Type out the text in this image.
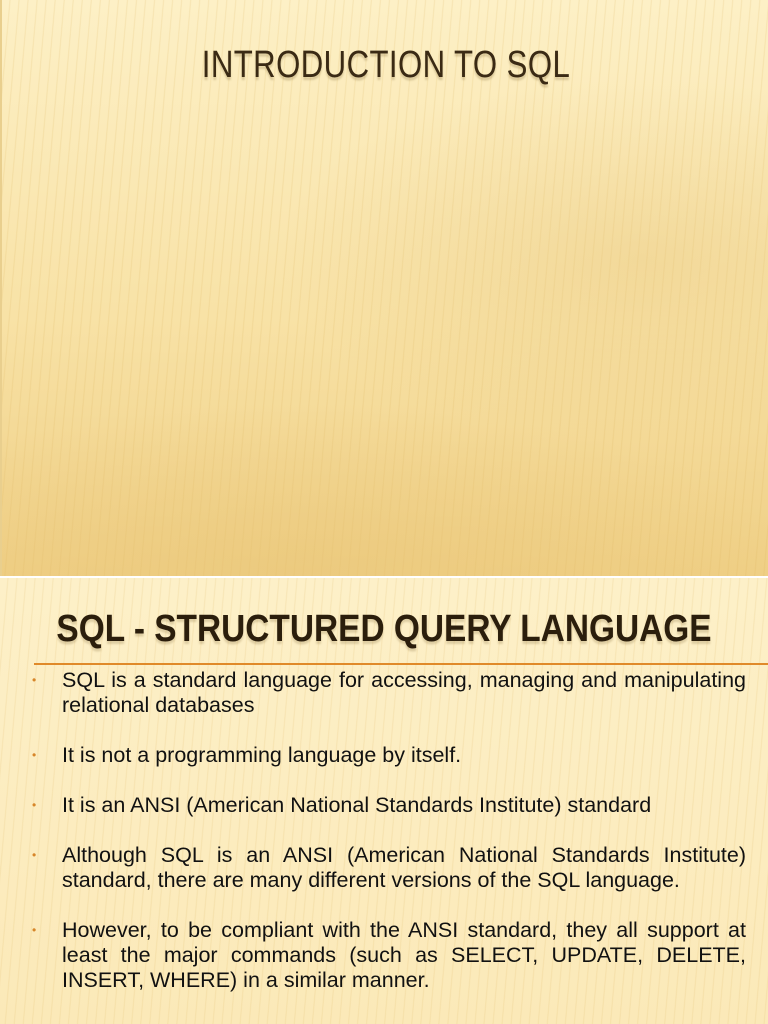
INTRODUCTION TO SQL
SQL - STRUCTURED QUERY LANGUAGE
• SQL is a standard language for accessing, managing and manipulating relational databases
• It is not a programming language by itself.
• It is an ANSI (American National Standards Institute) standard
• Although SQL is an ANSI (American National Standards Institute) standard, there are many different versions of the SQL language.
• However, to be compliant with the ANSI standard, they all support at least the major commands (such as SELECT, UPDATE, DELETE, INSERT, WHERE) in a similar manner.
